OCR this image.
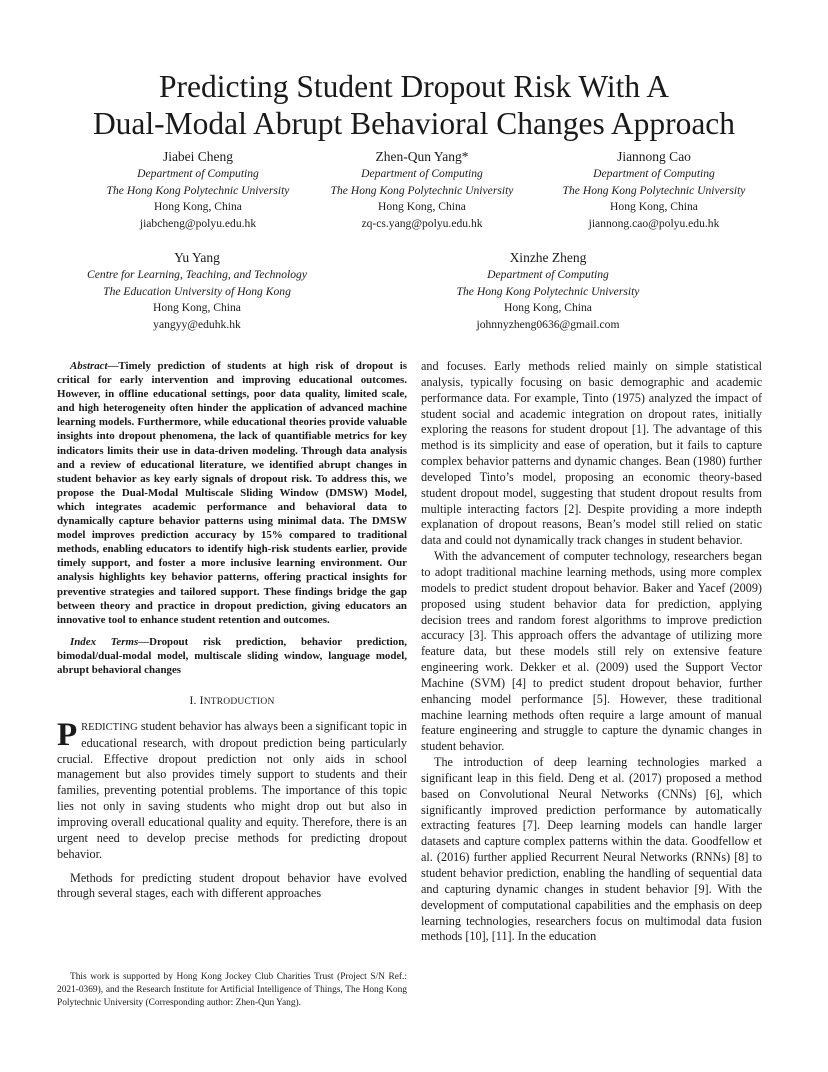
Predicting Student Dropout Risk With A
Dual-Modal Abrupt Behavioral Changes Approach
Jiabei Cheng
Department of Computing
The Hong Kong Polytechnic University
Hong Kong, China
jiabcheng@polyu.edu.hk
Zhen-Qun Yang*
Department of Computing
The Hong Kong Polytechnic University
Hong Kong, China
zq-cs.yang@polyu.edu.hk
Jiannong Cao
Department of Computing
The Hong Kong Polytechnic University
Hong Kong, China
jiannong.cao@polyu.edu.hk
Yu Yang
Centre for Learning, Teaching, and Technology
The Education University of Hong Kong
Hong Kong, China
yangyy@eduhk.hk
Xinzhe Zheng
Department of Computing
The Hong Kong Polytechnic University
Hong Kong, China
johnnyzheng0636@gmail.com

Abstract—Timely prediction of students at high risk of dropout is critical for early intervention and improving educational outcomes. However, in offline educational settings, poor data quality, limited scale, and high heterogeneity often hinder the application of advanced machine learning models. Furthermore, while educational theories provide valuable insights into dropout phenomena, the lack of quantifiable metrics for key indicators limits their use in data-driven modeling. Through data analysis and a review of educational literature, we identified abrupt changes in student behavior as key early signals of dropout risk. To address this, we propose the Dual-Modal Multiscale Sliding Window (DMSW) Model, which integrates academic performance and behavioral data to dynamically capture behavior patterns using minimal data. The DMSW model improves prediction accuracy by 15% compared to traditional methods, enabling educators to identify high-risk students earlier, provide timely support, and foster a more inclusive learning environment. Our analysis highlights key behavior patterns, offering practical insights for preventive strategies and tailored support. These findings bridge the gap between theory and practice in dropout prediction, giving educators an innovative tool to enhance student retention and outcomes.

Index Terms—Dropout risk prediction, behavior prediction, bimodal/dual-modal model, multiscale sliding window, language model, abrupt behavioral changes

I. INTRODUCTION

PREDICTING student behavior has always been a significant topic in educational research, with dropout prediction being particularly crucial. Effective dropout prediction not only aids in school management but also provides timely support to students and their families, preventing potential problems. The importance of this topic lies not only in saving students who might drop out but also in improving overall educational quality and equity. Therefore, there is an urgent need to develop precise methods for predicting dropout behavior.

Methods for predicting student dropout behavior have evolved through several stages, each with different approaches

This work is supported by Hong Kong Jockey Club Charities Trust (Project S/N Ref.: 2021-0369), and the Research Institute for Artificial Intelligence of Things, The Hong Kong Polytechnic University (Corresponding author: Zhen-Qun Yang).

and focuses. Early methods relied mainly on simple statistical analysis, typically focusing on basic demographic and academic performance data. For example, Tinto (1975) analyzed the impact of student social and academic integration on dropout rates, initially exploring the reasons for student dropout [1]. The advantage of this method is its simplicity and ease of operation, but it fails to capture complex behavior patterns and dynamic changes. Bean (1980) further developed Tinto’s model, proposing an economic theory-based student dropout model, suggesting that student dropout results from multiple interacting factors [2]. Despite providing a more indepth explanation of dropout reasons, Bean’s model still relied on static data and could not dynamically track changes in student behavior.

With the advancement of computer technology, researchers began to adopt traditional machine learning methods, using more complex models to predict student dropout behavior. Baker and Yacef (2009) proposed using student behavior data for prediction, applying decision trees and random forest algorithms to improve prediction accuracy [3]. This approach offers the advantage of utilizing more feature data, but these models still rely on extensive feature engineering work. Dekker et al. (2009) used the Support Vector Machine (SVM) [4] to predict student dropout behavior, further enhancing model performance [5]. However, these traditional machine learning methods often require a large amount of manual feature engineering and struggle to capture the dynamic changes in student behavior.

The introduction of deep learning technologies marked a significant leap in this field. Deng et al. (2017) proposed a method based on Convolutional Neural Networks (CNNs) [6], which significantly improved prediction performance by automatically extracting features [7]. Deep learning models can handle larger datasets and capture complex patterns within the data. Goodfellow et al. (2016) further applied Recurrent Neural Networks (RNNs) [8] to student behavior prediction, enabling the handling of sequential data and capturing dynamic changes in student behavior [9]. With the development of computational capabilities and the emphasis on deep learning technologies, researchers focus on multimodal data fusion methods [10], [11]. In the education
